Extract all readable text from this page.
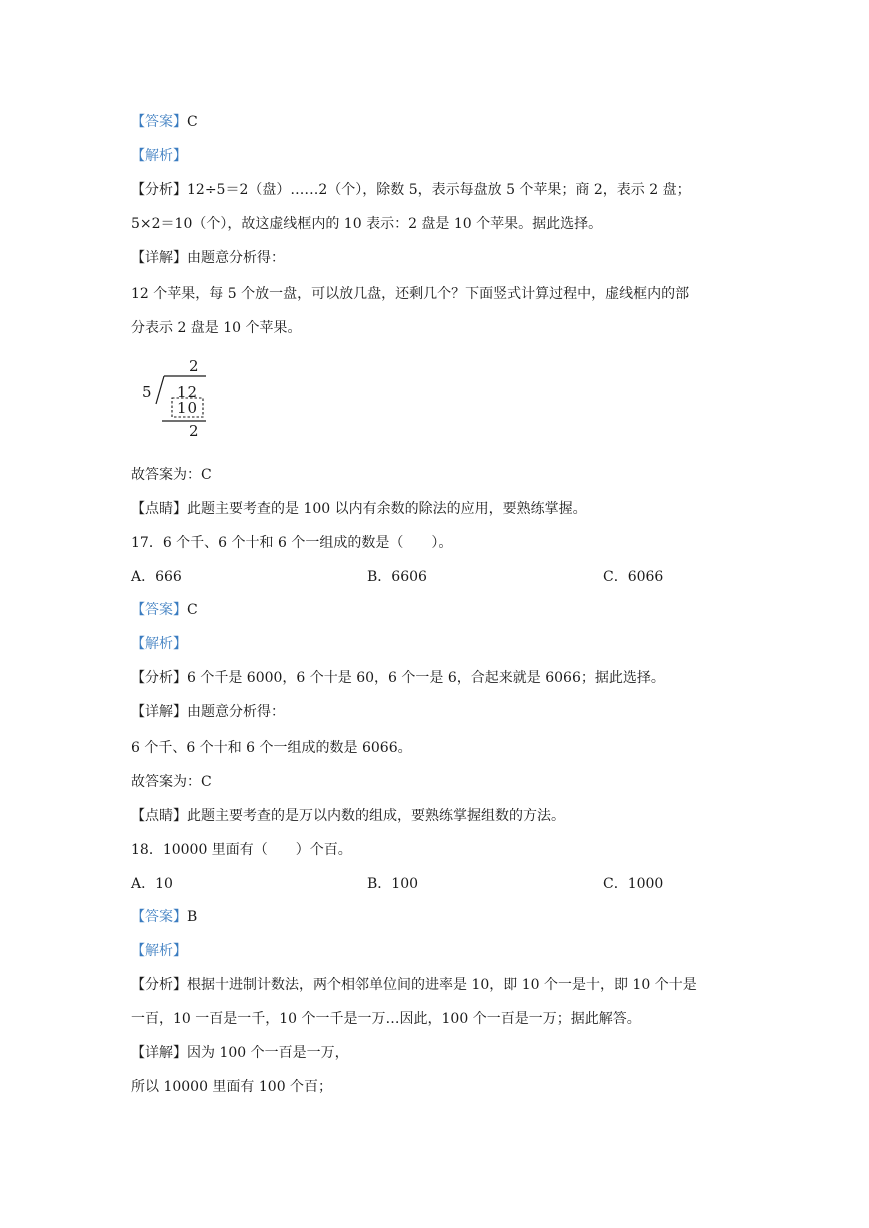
【答案】C
【解析】
【分析】12÷5＝2（盘）……2（个），除数 5，表示每盘放 5 个苹果；商 2，表示 2 盘；
5×2＝10（个），故这虚线框内的 10 表示：2 盘是 10 个苹果。据此选择。
【详解】由题意分析得：
12 个苹果，每 5 个放一盘，可以放几盘，还剩几个？下面竖式计算过程中，虚线框内的部
分表示 2 盘是 10 个苹果。
2
5 12
10
2
故答案为：C
【点睛】此题主要考查的是 100 以内有余数的除法的应用，要熟练掌握。
17．6 个千、6 个十和 6 个一组成的数是（　　）。
A．666	B．6606	C．6066
【答案】C
【解析】
【分析】6 个千是 6000，6 个十是 60，6 个一是 6，合起来就是 6066；据此选择。
【详解】由题意分析得：
6 个千、6 个十和 6 个一组成的数是 6066。
故答案为：C
【点睛】此题主要考查的是万以内数的组成，要熟练掌握组数的方法。
18．10000 里面有（　　）个百。
A．10	B．100	C．1000
【答案】B
【解析】
【分析】根据十进制计数法，两个相邻单位间的进率是 10，即 10 个一是十，即 10 个十是
一百，10 一百是一千，10 个一千是一万…因此，100 个一百是一万；据此解答。
【详解】因为 100 个一百是一万，
所以 10000 里面有 100 个百；
